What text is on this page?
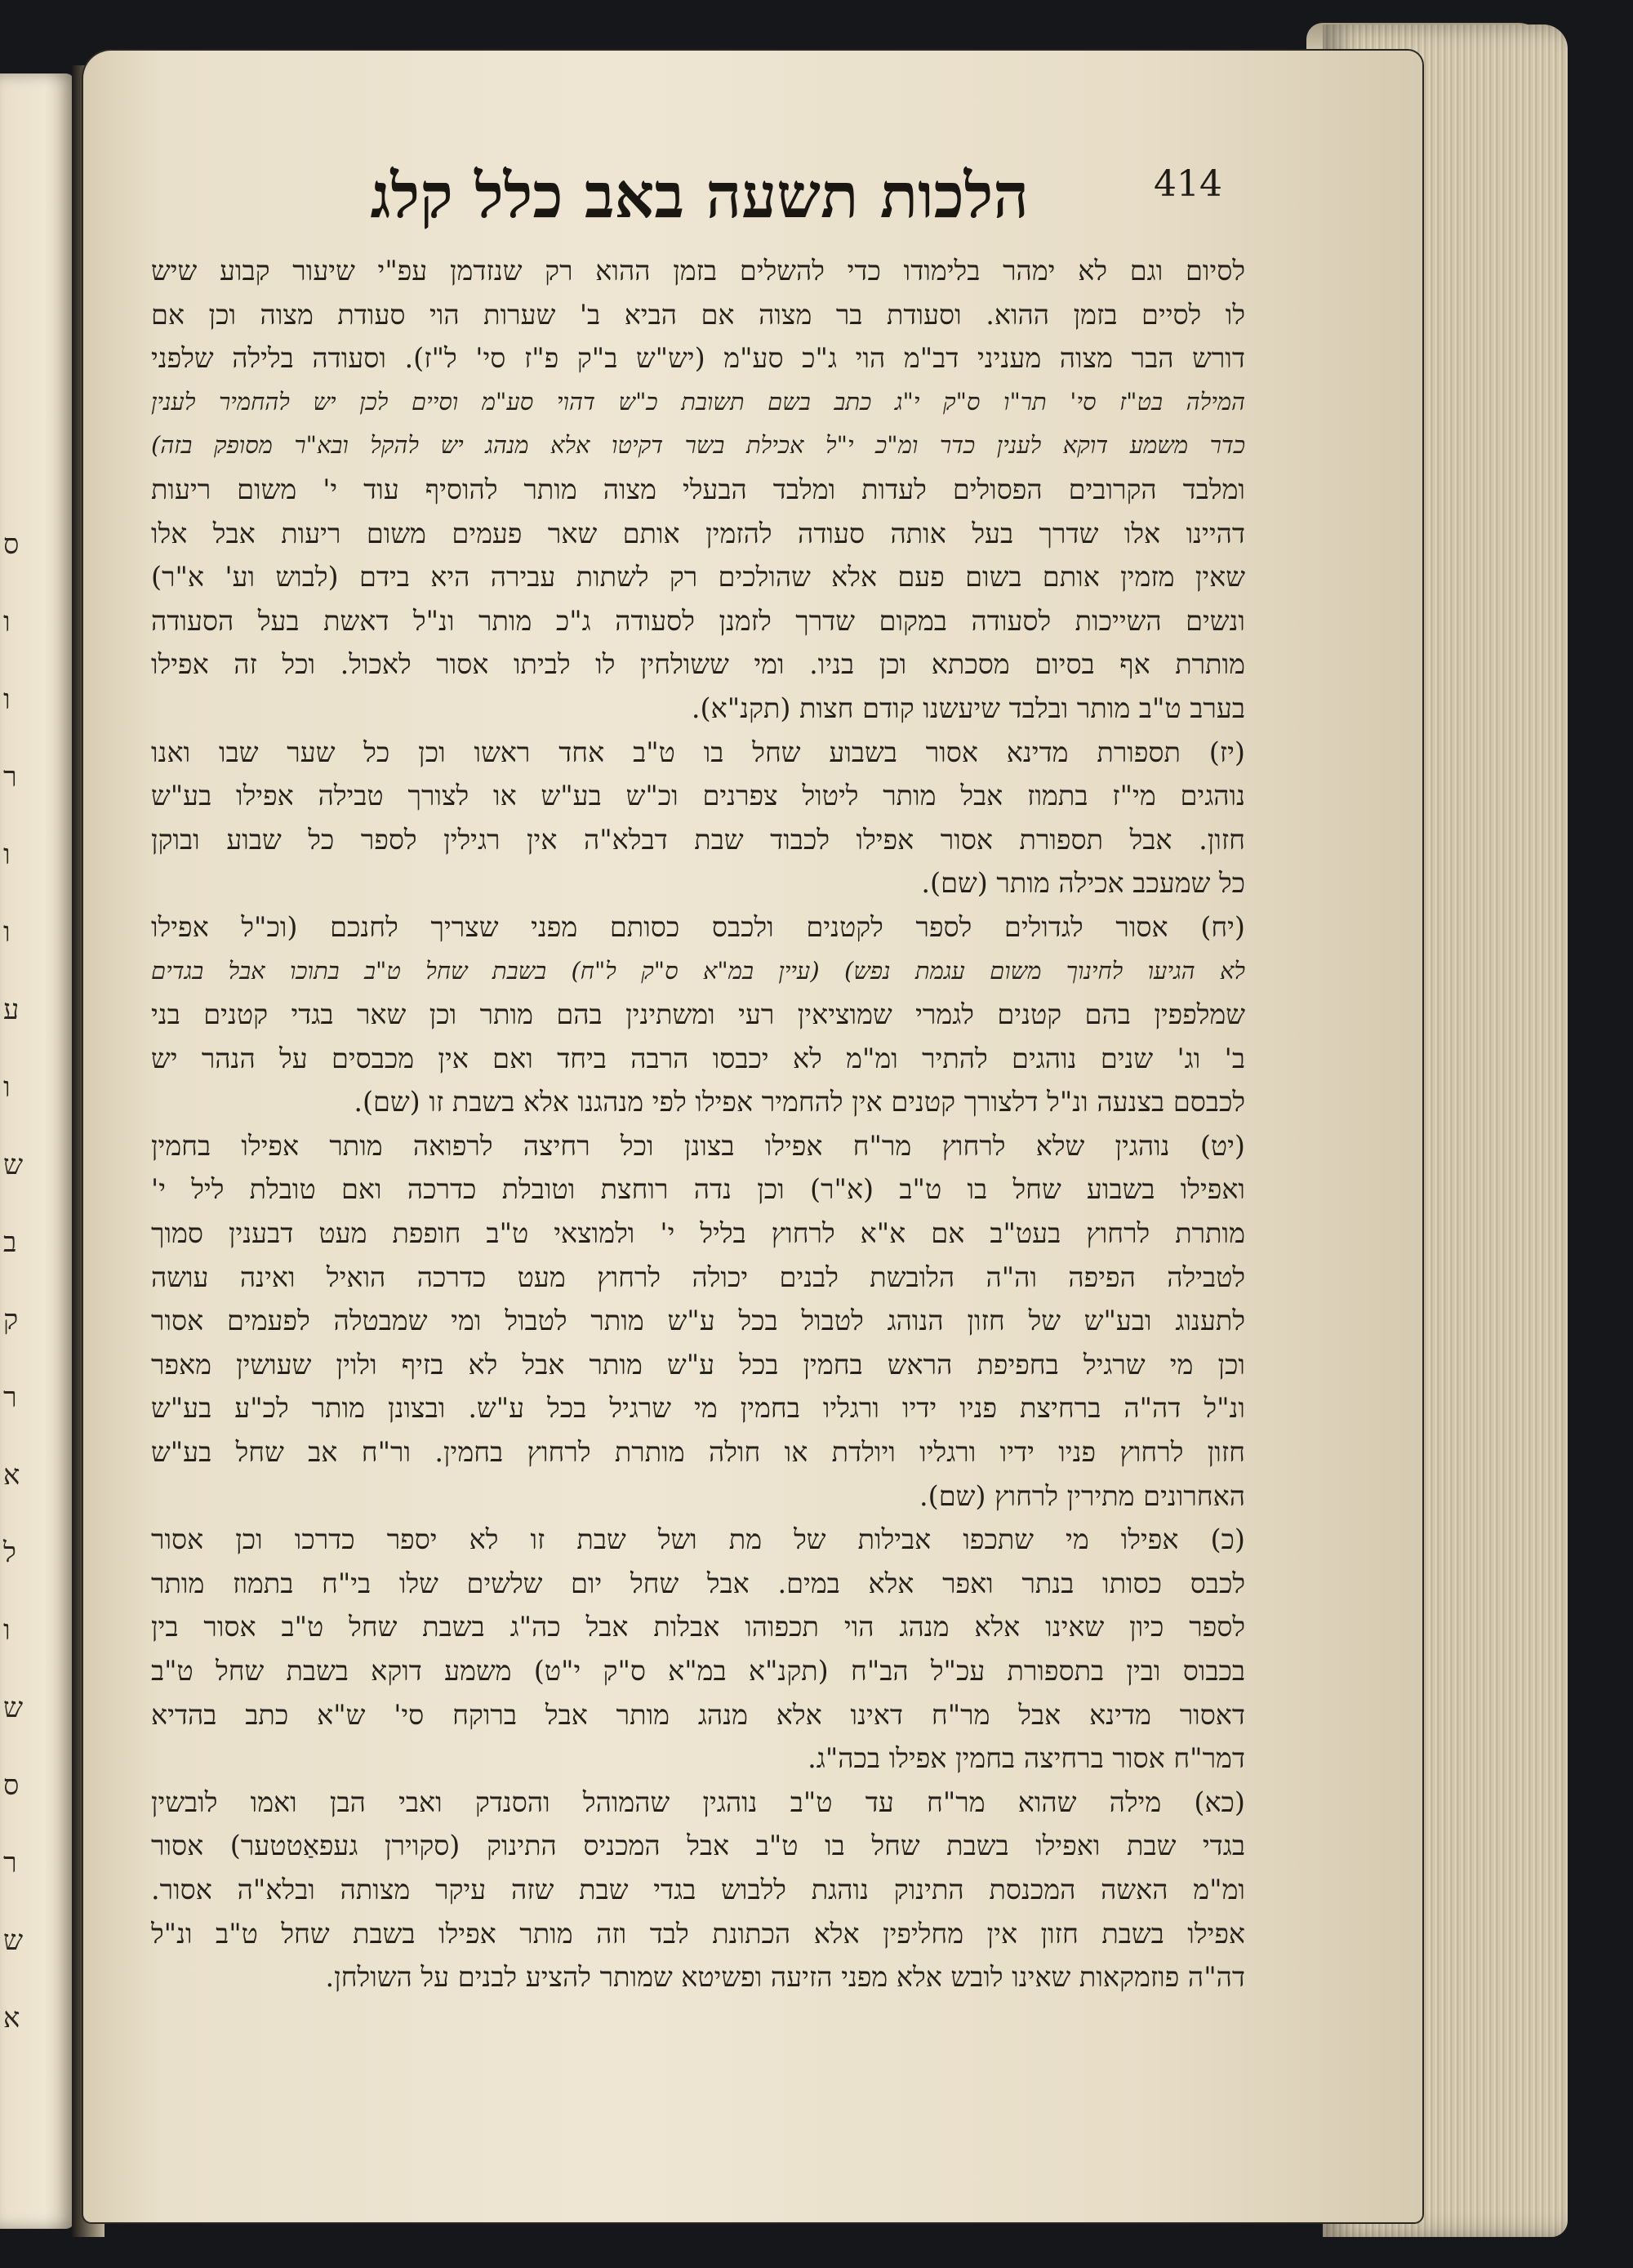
ס
ו
ו
ר
ו
ו
ע
ו
ש
ב
ק
ר
א
ל
ו
ש
ס
ר
ש
א
414
הלכות תשעה באב כלל קלג
לסיום וגם לא ימהר בלימודו כדי להשלים בזמן ההוא רק שנזדמן עפ"י שיעור קבוע שיש
לו לסיים בזמן ההוא. וסעודת בר מצוה אם הביא ב' שערות הוי סעודת מצוה וכן אם
דורש הבר מצוה מעניני דב"מ הוי ג"כ סע"מ (יש"ש ב"ק פ"ז סי' ל"ז). וסעודה בלילה שלפני
המילה בט"ז סי' תר"ו ס"ק י"ג כתב בשם תשובת כ"ש דהוי סע"מ וסיים לכן יש להחמיר לענין
כדר משמע דוקא לענין כדר ומ"כ י"ל אכילת בשר דקיטו אלא מנהג יש להקל ובא"ר מסופק בזה)
ומלבד הקרובים הפסולים לעדות ומלבד הבעלי מצוה מותר להוסיף עוד י' משום ריעות
דהיינו אלו שדרך בעל אותה סעודה להזמין אותם שאר פעמים משום ריעות אבל אלו
שאין מזמין אותם בשום פעם אלא שהולכים רק לשתות עבירה היא בידם (לבוש וע' א"ר)
ונשים השייכות לסעודה במקום שדרך לזמנן לסעודה ג"כ מותר ונ"ל דאשת בעל הסעודה
מותרת אף בסיום מסכתא וכן בניו. ומי ששולחין לו לביתו אסור לאכול. וכל זה אפילו
בערב ט"ב מותר ובלבד שיעשנו קודם חצות (תקנ"א).
(יז) תספורת מדינא אסור בשבוע שחל בו ט"ב אחד ראשו וכן כל שער שבו ואנו
נוהגים מי"ז בתמוז אבל מותר ליטול צפרנים וכ"ש בע"ש או לצורך טבילה אפילו בע"ש
חזון. אבל תספורת אסור אפילו לכבוד שבת דבלא"ה אין רגילין לספר כל שבוע ובוקן
כל שמעכב אכילה מותר (שם).
(יח) אסור לגדולים לספר לקטנים ולכבס כסותם מפני שצריך לחנכם (וכ"ל אפילו
לא הגיעו לחינוך משום עגמת נפש) (עיין במ"א ס"ק ל"ח) בשבת שחל ט"ב בתוכו אבל בגדים
שמלפפין בהם קטנים לגמרי שמוציאין רעי ומשתינין בהם מותר וכן שאר בגדי קטנים בני
ב' וג' שנים נוהגים להתיר ומ"מ לא יכבסו הרבה ביחד ואם אין מכבסים על הנהר יש
לכבסם בצנעה ונ"ל דלצורך קטנים אין להחמיר אפילו לפי מנהגנו אלא בשבת זו (שם).
(יט) נוהגין שלא לרחוץ מר"ח אפילו בצונן וכל רחיצה לרפואה מותר אפילו בחמין
ואפילו בשבוע שחל בו ט"ב (א"ר) וכן נדה רוחצת וטובלת כדרכה ואם טובלת ליל י'
מותרת לרחוץ בעט"ב אם א"א לרחוץ בליל י' ולמוצאי ט"ב חופפת מעט דבענין סמוך
לטבילה הפיפה וה"ה הלובשת לבנים יכולה לרחוץ מעט כדרכה הואיל ואינה עושה
לתענוג ובע"ש של חזון הנוהג לטבול בכל ע"ש מותר לטבול ומי שמבטלה לפעמים אסור
וכן מי שרגיל בחפיפת הראש בחמין בכל ע"ש מותר אבל לא בזיף ולוין שעושין מאפר
ונ"ל דה"ה ברחיצת פניו ידיו ורגליו בחמין מי שרגיל בכל ע"ש. ובצונן מותר לכ"ע בע"ש
חזון לרחוץ פניו ידיו ורגליו ויולדת או חולה מותרת לרחוץ בחמין. ור"ח אב שחל בע"ש
האחרונים מתירין לרחוץ (שם).
(כ) אפילו מי שתכפו אבילות של מת ושל שבת זו לא יספר כדרכו וכן אסור
לכבס כסותו בנתר ואפר אלא במים. אבל שחל יום שלשים שלו בי"ח בתמוז מותר
לספר כיון שאינו אלא מנהג הוי תכפוהו אבלות אבל כה"ג בשבת שחל ט"ב אסור בין
בכבוס ובין בתספורת עכ"ל הב"ח (תקנ"א במ"א ס"ק י"ט) משמע דוקא בשבת שחל ט"ב
דאסור מדינא אבל מר"ח דאינו אלא מנהג מותר אבל ברוקח סי' ש"א כתב בהדיא
דמר"ח אסור ברחיצה בחמין אפילו בכה"ג.
(כא) מילה שהוא מר"ח עד ט"ב נוהגין שהמוהל והסנדק ואבי הבן ואמו לובשין
בגדי שבת ואפילו בשבת שחל בו ט"ב אבל המכניס התינוק (סקוירן געפאַטטער) אסור
ומ"מ האשה המכנסת התינוק נוהגת ללבוש בגדי שבת שזה עיקר מצותה ובלא"ה אסור.
אפילו בשבת חזון אין מחליפין אלא הכתונת לבד וזה מותר אפילו בשבת שחל ט"ב ונ"ל
דה"ה פוזמקאות שאינו לובש אלא מפני הזיעה ופשיטא שמותר להציע לבנים על השולחן.
